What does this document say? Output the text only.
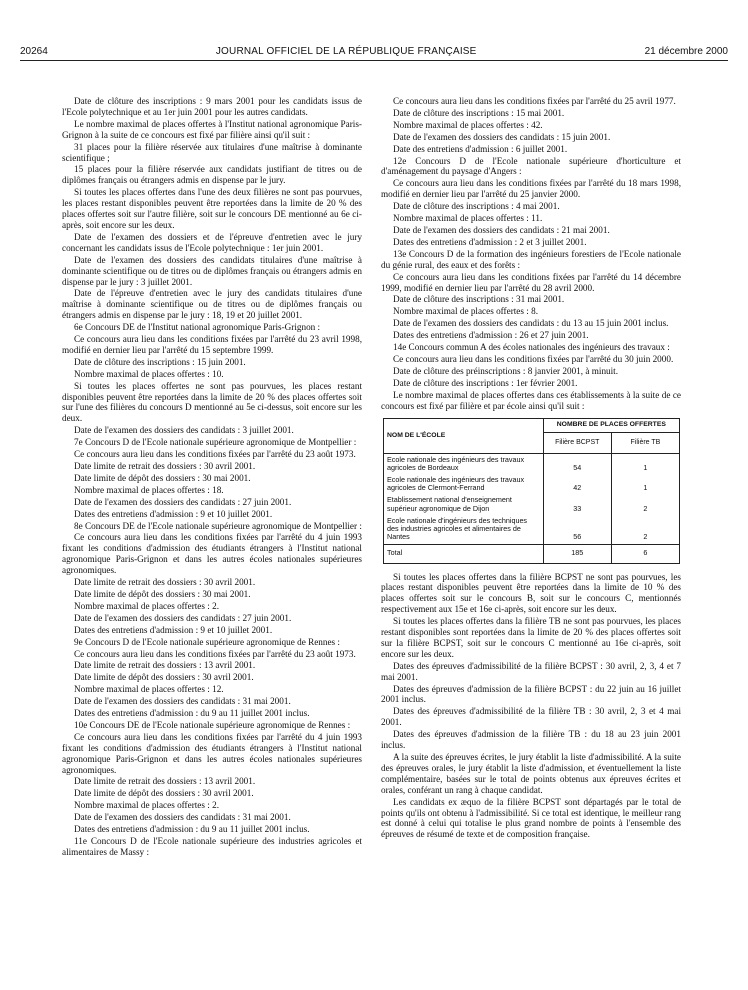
20264	JOURNAL OFFICIEL DE LA RÉPUBLIQUE FRANÇAISE	21 décembre 2000

Date de clôture des inscriptions : 9 mars 2001 pour les candidats issus de l'Ecole polytechnique et au 1er juin 2001 pour les autres candidats.

Le nombre maximal de places offertes à l'Institut national agronomique Paris-Grignon à la suite de ce concours est fixé par filière ainsi qu'il suit :

31 places pour la filière réservée aux titulaires d'une maîtrise à dominante scientifique ;

15 places pour la filière réservée aux candidats justifiant de titres ou de diplômes français ou étrangers admis en dispense par le jury.

Si toutes les places offertes dans l'une des deux filières ne sont pas pourvues, les places restant disponibles peuvent être reportées dans la limite de 20 % des places offertes soit sur l'autre filière, soit sur le concours DE mentionné au 6e ci-après, soit encore sur les deux.

Date de l'examen des dossiers et de l'épreuve d'entretien avec le jury concernant les candidats issus de l'Ecole polytechnique : 1er juin 2001.

Date de l'examen des dossiers des candidats titulaires d'une maîtrise à dominante scientifique ou de titres ou de diplômes français ou étrangers admis en dispense par le jury : 3 juillet 2001.

Date de l'épreuve d'entretien avec le jury des candidats titulaires d'une maîtrise à dominante scientifique ou de titres ou de diplômes français ou étrangers admis en dispense par le jury : 18, 19 et 20 juillet 2001.

6e Concours DE de l'Institut national agronomique Paris-Grignon :

Ce concours aura lieu dans les conditions fixées par l'arrêté du 23 avril 1998, modifié en dernier lieu par l'arrêté du 15 septembre 1999.

Date de clôture des inscriptions : 15 juin 2001.

Nombre maximal de places offertes : 10.

Si toutes les places offertes ne sont pas pourvues, les places restant disponibles peuvent être reportées dans la limite de 20 % des places offertes soit sur l'une des filières du concours D mentionné au 5e ci-dessus, soit encore sur les deux.

Date de l'examen des dossiers des candidats : 3 juillet 2001.

7e Concours D de l'Ecole nationale supérieure agronomique de Montpellier :

Ce concours aura lieu dans les conditions fixées par l'arrêté du 23 août 1973.

Date limite de retrait des dossiers : 30 avril 2001.

Date limite de dépôt des dossiers : 30 mai 2001.

Nombre maximal de places offertes : 18.

Date de l'examen des dossiers des candidats : 27 juin 2001.

Dates des entretiens d'admission : 9 et 10 juillet 2001.

8e Concours DE de l'Ecole nationale supérieure agronomique de Montpellier :

Ce concours aura lieu dans les conditions fixées par l'arrêté du 4 juin 1993 fixant les conditions d'admission des étudiants étrangers à l'Institut national agronomique Paris-Grignon et dans les autres écoles nationales supérieures agronomiques.

Date limite de retrait des dossiers : 30 avril 2001.

Date limite de dépôt des dossiers : 30 mai 2001.

Nombre maximal de places offertes : 2.

Date de l'examen des dossiers des candidats : 27 juin 2001.

Dates des entretiens d'admission : 9 et 10 juillet 2001.

9e Concours D de l'Ecole nationale supérieure agronomique de Rennes :

Ce concours aura lieu dans les conditions fixées par l'arrêté du 23 août 1973.

Date limite de retrait des dossiers : 13 avril 2001.

Date limite de dépôt des dossiers : 30 avril 2001.

Nombre maximal de places offertes : 12.

Date de l'examen des dossiers des candidats : 31 mai 2001.

Dates des entretiens d'admission : du 9 au 11 juillet 2001 inclus.

10e Concours DE de l'Ecole nationale supérieure agronomique de Rennes :

Ce concours aura lieu dans les conditions fixées par l'arrêté du 4 juin 1993 fixant les conditions d'admission des étudiants étrangers à l'Institut national agronomique Paris-Grignon et dans les autres écoles nationales supérieures agronomiques.

Date limite de retrait des dossiers : 13 avril 2001.

Date limite de dépôt des dossiers : 30 avril 2001.

Nombre maximal de places offertes : 2.

Date de l'examen des dossiers des candidats : 31 mai 2001.

Dates des entretiens d'admission : du 9 au 11 juillet 2001 inclus.

11e Concours D de l'Ecole nationale supérieure des industries agricoles et alimentaires de Massy :

Ce concours aura lieu dans les conditions fixées par l'arrêté du 25 avril 1977.

Date de clôture des inscriptions : 15 mai 2001.

Nombre maximal de places offertes : 42.

Date de l'examen des dossiers des candidats : 15 juin 2001.

Date des entretiens d'admission : 6 juillet 2001.

12e Concours D de l'Ecole nationale supérieure d'horticulture et d'aménagement du paysage d'Angers :

Ce concours aura lieu dans les conditions fixées par l'arrêté du 18 mars 1998, modifié en dernier lieu par l'arrêté du 25 janvier 2000.

Date de clôture des inscriptions : 4 mai 2001.

Nombre maximal de places offertes : 11.

Date de l'examen des dossiers des candidats : 21 mai 2001.

Dates des entretiens d'admission : 2 et 3 juillet 2001.

13e Concours D de la formation des ingénieurs forestiers de l'Ecole nationale du génie rural, des eaux et des forêts :

Ce concours aura lieu dans les conditions fixées par l'arrêté du 14 décembre 1999, modifié en dernier lieu par l'arrêté du 28 avril 2000.

Date de clôture des inscriptions : 31 mai 2001.

Nombre maximal de places offertes : 8.

Date de l'examen des dossiers des candidats : du 13 au 15 juin 2001 inclus.

Dates des entretiens d'admission : 26 et 27 juin 2001.

14e Concours commun A des écoles nationales des ingénieurs des travaux :

Ce concours aura lieu dans les conditions fixées par l'arrêté du 30 juin 2000.

Date de clôture des préinscriptions : 8 janvier 2001, à minuit.

Date de clôture des inscriptions : 1er février 2001.

Le nombre maximal de places offertes dans ces établissements à la suite de ce concours est fixé par filière et par école ainsi qu'il suit :

NOM DE L'ÉCOLE	NOMBRE DE PLACES OFFERTES	
	Filière BCPST	Filière TB
Ecole nationale des ingénieurs des travaux agricoles de Bordeaux	54	1
Ecole nationale des ingénieurs des travaux agricoles de Clermont-Ferrand	42	1
Etablissement national d'enseignement supérieur agronomique de Dijon	33	2
Ecole nationale d'ingénieurs des techniques des industries agricoles et alimentaires de Nantes	56	2
Total	185	6

Si toutes les places offertes dans la filière BCPST ne sont pas pourvues, les places restant disponibles peuvent être reportées dans la limite de 10 % des places offertes soit sur le concours B, soit sur le concours C, mentionnés respectivement aux 15e et 16e ci-après, soit encore sur les deux.

Si toutes les places offertes dans la filière TB ne sont pas pourvues, les places restant disponibles sont reportées dans la limite de 20 % des places offertes soit sur la filière BCPST, soit sur le concours C mentionné au 16e ci-après, soit encore sur les deux.

Dates des épreuves d'admissibilité de la filière BCPST : 30 avril, 2, 3, 4 et 7 mai 2001.

Dates des épreuves d'admission de la filière BCPST : du 22 juin au 16 juillet 2001 inclus.

Dates des épreuves d'admissibilité de la filière TB : 30 avril, 2, 3 et 4 mai 2001.

Dates des épreuves d'admission de la filière TB : du 18 au 23 juin 2001 inclus.

A la suite des épreuves écrites, le jury établit la liste d'admissibilité. A la suite des épreuves orales, le jury établit la liste d'admission, et éventuellement la liste complémentaire, basées sur le total de points obtenus aux épreuves écrites et orales, conférant un rang à chaque candidat.

Les candidats ex æquo de la filière BCPST sont départagés par le total de points qu'ils ont obtenu à l'admissibilité. Si ce total est identique, le meilleur rang est donné à celui qui totalise le plus grand nombre de points à l'ensemble des épreuves de résumé de texte et de composition française.
